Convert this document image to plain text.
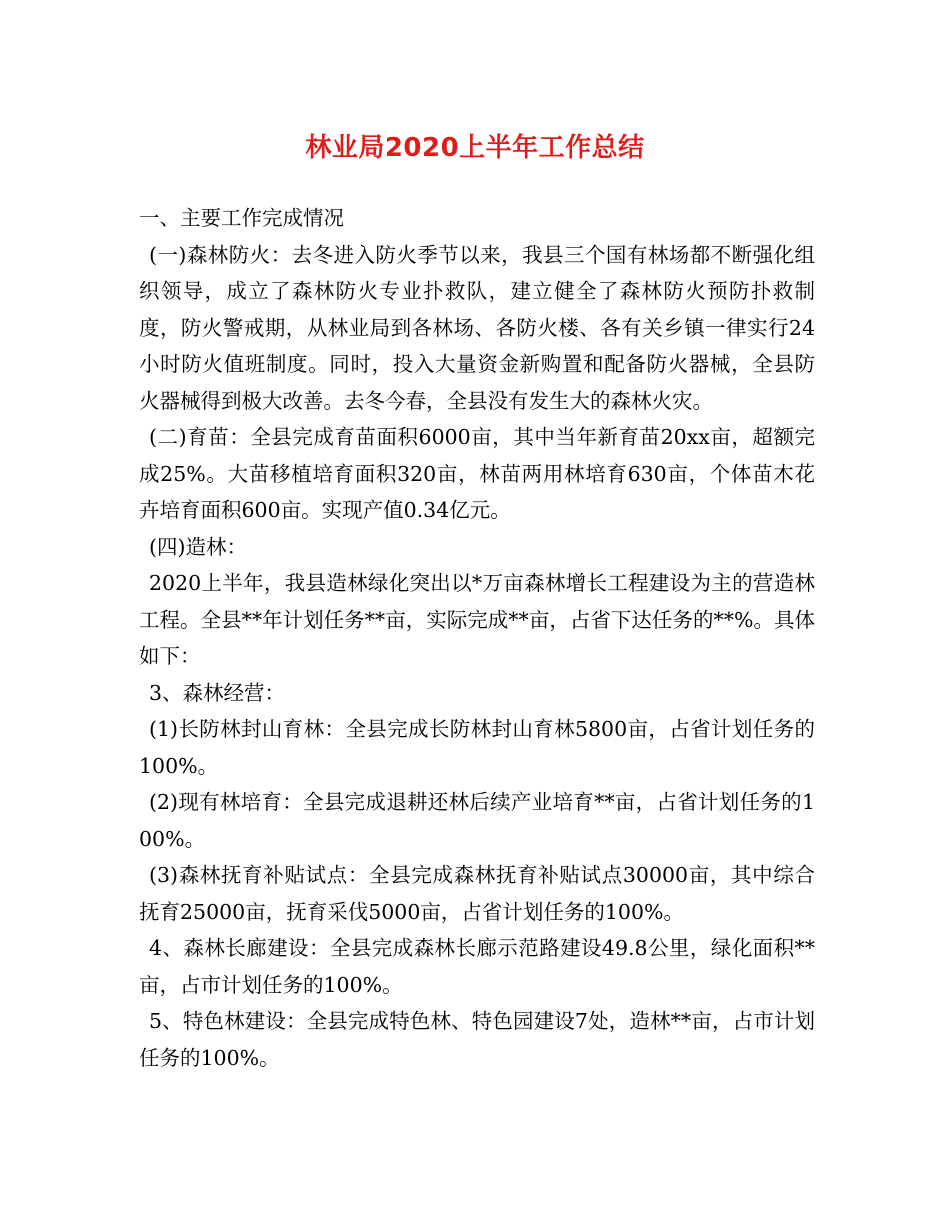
林业局2020上半年工作总结

一、主要工作完成情况

(一)森林防火：去冬进入防火季节以来，我县三个国有林场都不断强化组织领导，成立了森林防火专业扑救队，建立健全了森林防火预防扑救制度，防火警戒期，从林业局到各林场、各防火楼、各有关乡镇一律实行24小时防火值班制度。同时，投入大量资金新购置和配备防火器械，全县防火器械得到极大改善。去冬今春，全县没有发生大的森林火灾。

(二)育苗：全县完成育苗面积6000亩，其中当年新育苗20xx亩，超额完成25%。大苗移植培育面积320亩，林苗两用林培育630亩，个体苗木花卉培育面积600亩。实现产值0.34亿元。

(四)造林：

2020上半年，我县造林绿化突出以*万亩森林增长工程建设为主的营造林工程。全县**年计划任务**亩，实际完成**亩，占省下达任务的**%。具体如下：

3、森林经营：

(1)长防林封山育林：全县完成长防林封山育林5800亩，占省计划任务的100%。

(2)现有林培育：全县完成退耕还林后续产业培育**亩，占省计划任务的100%。

(3)森林抚育补贴试点：全县完成森林抚育补贴试点30000亩，其中综合抚育25000亩，抚育采伐5000亩，占省计划任务的100%。

4、森林长廊建设：全县完成森林长廊示范路建设49.8公里，绿化面积**亩，占市计划任务的100%。

5、特色林建设：全县完成特色林、特色园建设7处，造林**亩，占市计划任务的100%。
